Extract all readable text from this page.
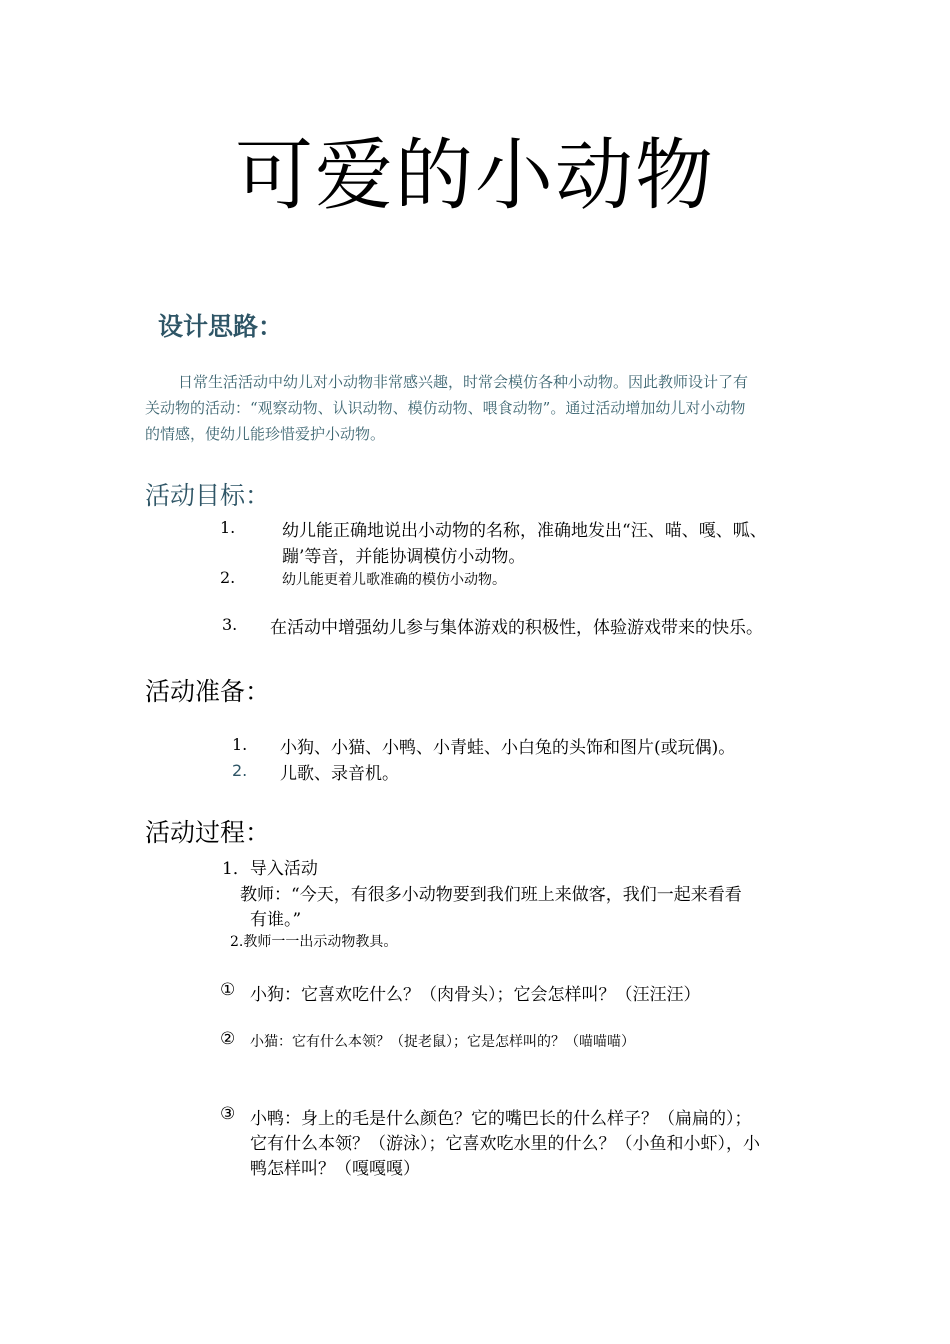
可爱的小动物
设计思路：
日常生活活动中幼儿对小动物非常感兴趣，时常会模仿各种小动物。因此教师设计了有
关动物的活动：“观察动物、认识动物、模仿动物、喂食动物”。通过活动增加幼儿对小动物
的情感，使幼儿能珍惜爱护小动物。
活动目标：
1.	幼儿能正确地说出小动物的名称，准确地发出“汪、喵、嘎、呱、
蹦’等音，并能协调模仿小动物。
2.	幼儿能更着儿歌准确的模仿小动物。
3. 在活动中增强幼儿参与集体游戏的积极性，体验游戏带来的快乐。
活动准备：
1. 小狗、小猫、小鸭、小青蛙、小白兔的头饰和图片(或玩偶)。
2. 儿歌、录音机。
活动过程：
1．导入活动
教师：“今天，有很多小动物要到我们班上来做客，我们一起来看看
有谁。”
2.教师一一出示动物教具。
① 小狗：它喜欢吃什么？（肉骨头）；它会怎样叫？（汪汪汪）
② 小猫：它有什么本领？（捉老鼠）；它是怎样叫的？（喵喵喵）
③ 小鸭：身上的毛是什么颜色？它的嘴巴长的什么样子？（扁扁的）；
它有什么本领？（游泳）；它喜欢吃水里的什么？（小鱼和小虾），小
鸭怎样叫？（嘎嘎嘎）
